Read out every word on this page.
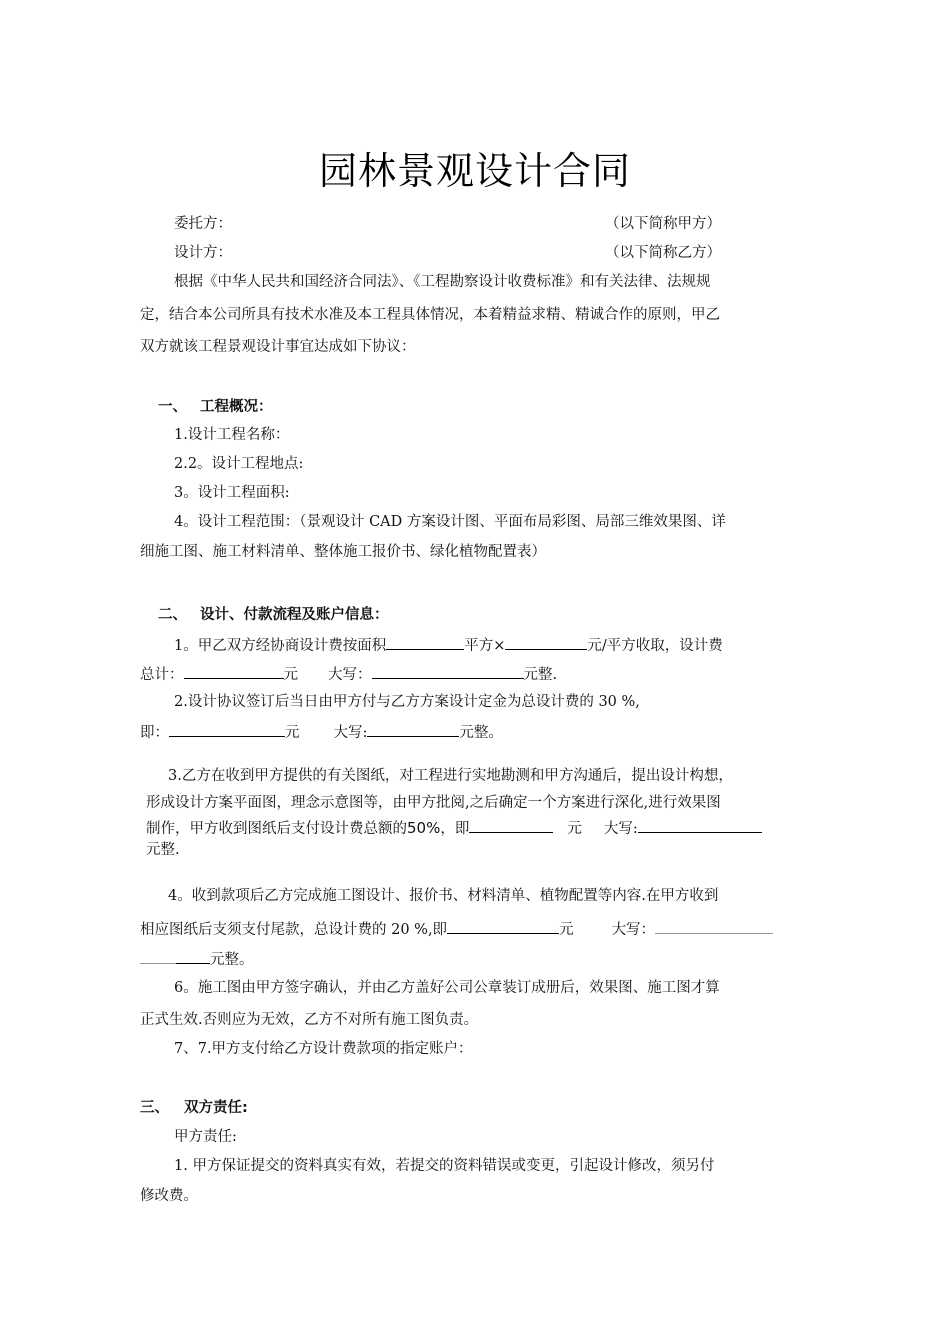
园林景观设计合同
委托方：	（以下简称甲方）
设计方：	（以下简称乙方）
根据《中华人民共和国经济合同法》、《工程勘察设计收费标准》和有关法律、法规规
定，结合本公司所具有技术水准及本工程具体情况，本着精益求精、精诚合作的原则，甲乙
双方就该工程景观设计事宜达成如下协议：
一、 工程概况：
1.设计工程名称：
2.2。设计工程地点:
3。设计工程面积:
4。设计工程范围：（景观设计 CAD 方案设计图、平面布局彩图、局部三维效果图、详
细施工图、施工材料清单、整体施工报价书、绿化植物配置表）
二、 设计、付款流程及账户信息：
1。甲乙双方经协商设计费按面积	平方×	元/平方收取，设计费
总计：	元 大写：	元整.
2.设计协议签订后当日由甲方付与乙方方案设计定金为总设计费的 30 %,
即：	元 大写:	元整。
3.乙方在收到甲方提供的有关图纸，对工程进行实地勘测和甲方沟通后，提出设计构想，
形成设计方案平面图，理念示意图等，由甲方批阅,之后确定一个方案进行深化,进行效果图
制作，甲方收到图纸后支付设计费总额的50%，即	元 大写:
元整.
4。收到款项后乙方完成施工图设计、报价书、材料清单、植物配置等内容.在甲方收到
相应图纸后支须支付尾款，总设计费的 20 %,即	元	大写：
元整。
6。施工图由甲方签字确认，并由乙方盖好公司公章装订成册后，效果图、施工图才算
正式生效.否则应为无效，乙方不对所有施工图负责。
7、7.甲方支付给乙方设计费款项的指定账户：
三、 双方责任:
甲方责任:
1. 甲方保证提交的资料真实有效，若提交的资料错误或变更，引起设计修改，须另付
修改费。
